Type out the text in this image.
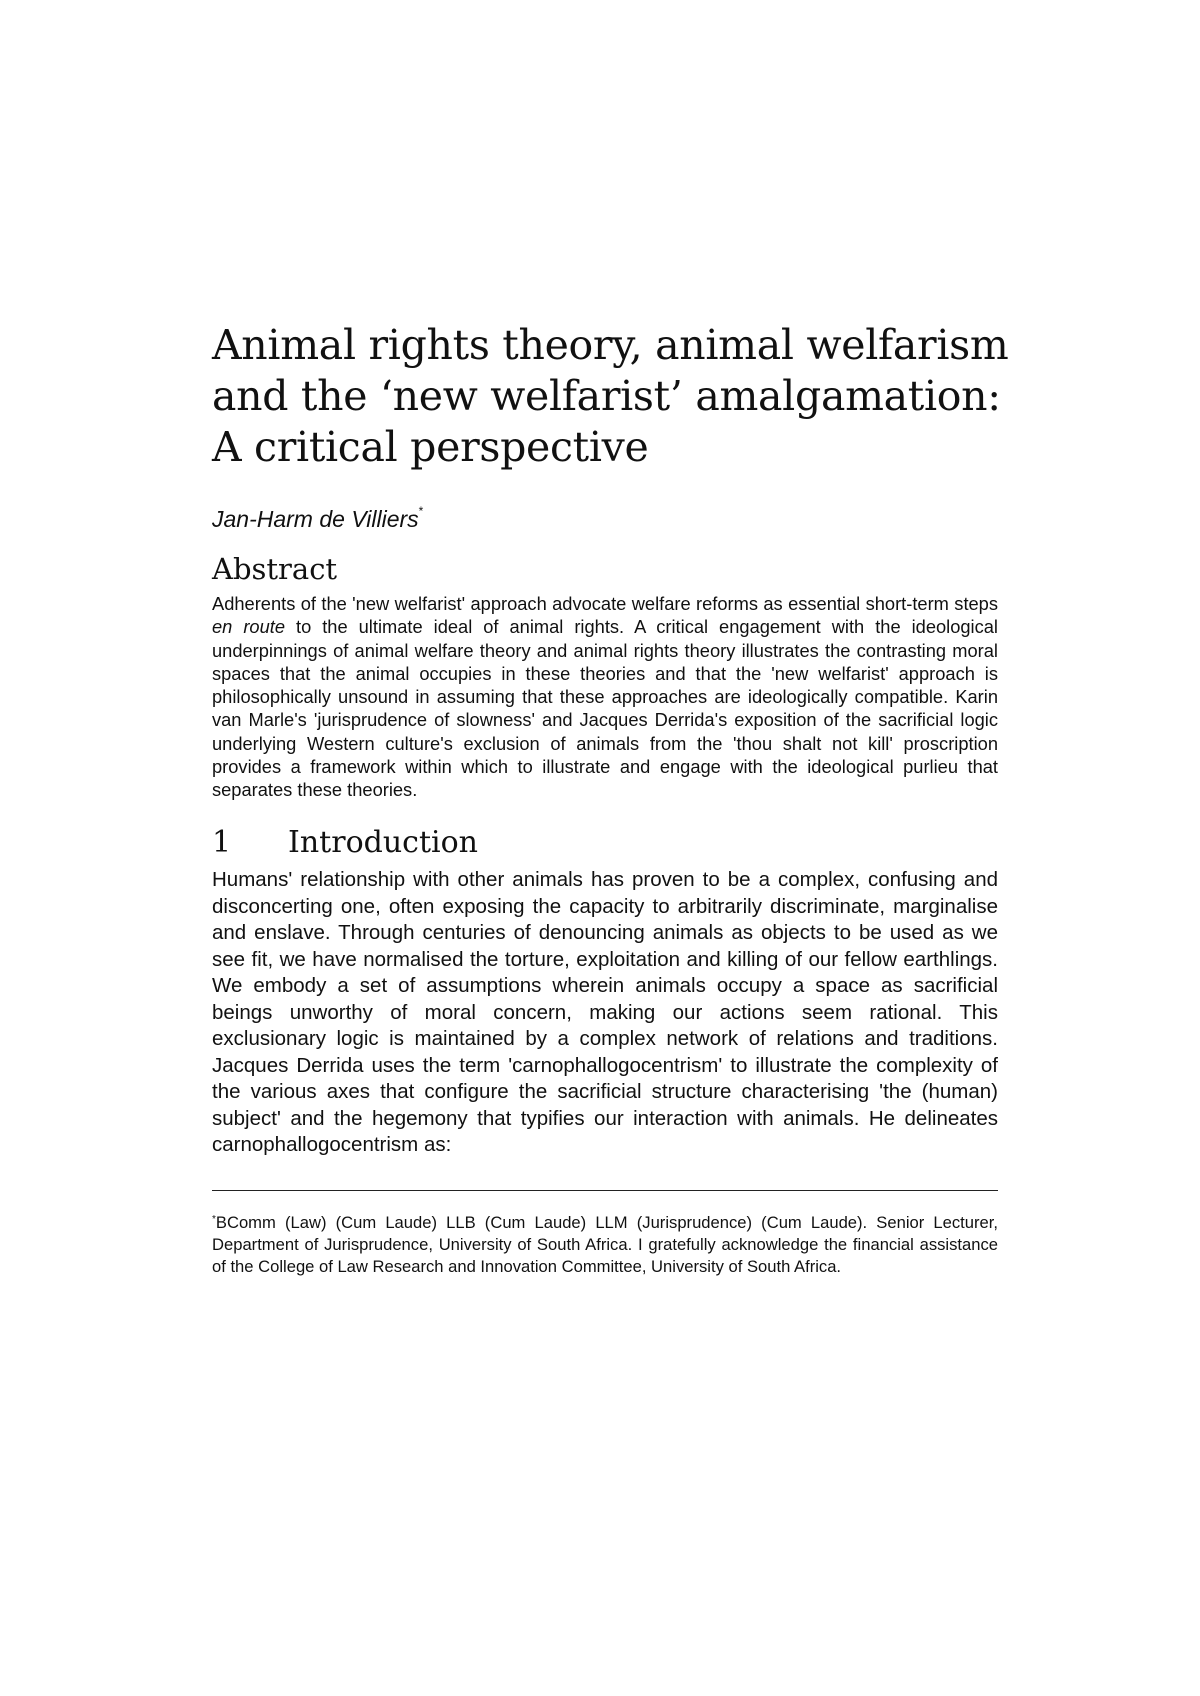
Animal rights theory, animal welfarism
and the ‘new welfarist’ amalgamation:
A critical perspective
Jan-Harm de Villiers*
Abstract

Adherents of the 'new welfarist' approach advocate welfare reforms as essential short-term steps en route to the ultimate ideal of animal rights. A critical engagement with the ideological underpinnings of animal welfare theory and animal rights theory illustrates the contrasting moral spaces that the animal occupies in these theories and that the 'new welfarist' approach is philosophically unsound in assuming that these approaches are ideologically compatible. Karin van Marle's 'jurisprudence of slowness' and Jacques Derrida's exposition of the sacrificial logic underlying Western culture's exclusion of animals from the 'thou shalt not kill' proscription provides a framework within which to illustrate and engage with the ideological purlieu that separates these theories.

1 Introduction

Humans' relationship with other animals has proven to be a complex, confusing and disconcerting one, often exposing the capacity to arbitrarily discriminate, marginalise and enslave. Through centuries of denouncing animals as objects to be used as we see fit, we have normalised the torture, exploitation and killing of our fellow earthlings. We embody a set of assumptions wherein animals occupy a space as sacrificial beings unworthy of moral concern, making our actions seem rational. This exclusionary logic is maintained by a complex network of relations and traditions. Jacques Derrida uses the term 'carnophallogocentrism' to illustrate the complexity of the various axes that configure the sacrificial structure characterising 'the (human) subject' and the hegemony that typifies our interaction with animals. He delineates carnophallogocentrism as:

*BComm (Law) (Cum Laude) LLB (Cum Laude) LLM (Jurisprudence) (Cum Laude). Senior Lecturer, Department of Jurisprudence, University of South Africa. I gratefully acknowledge the financial assistance of the College of Law Research and Innovation Committee, University of South Africa.
